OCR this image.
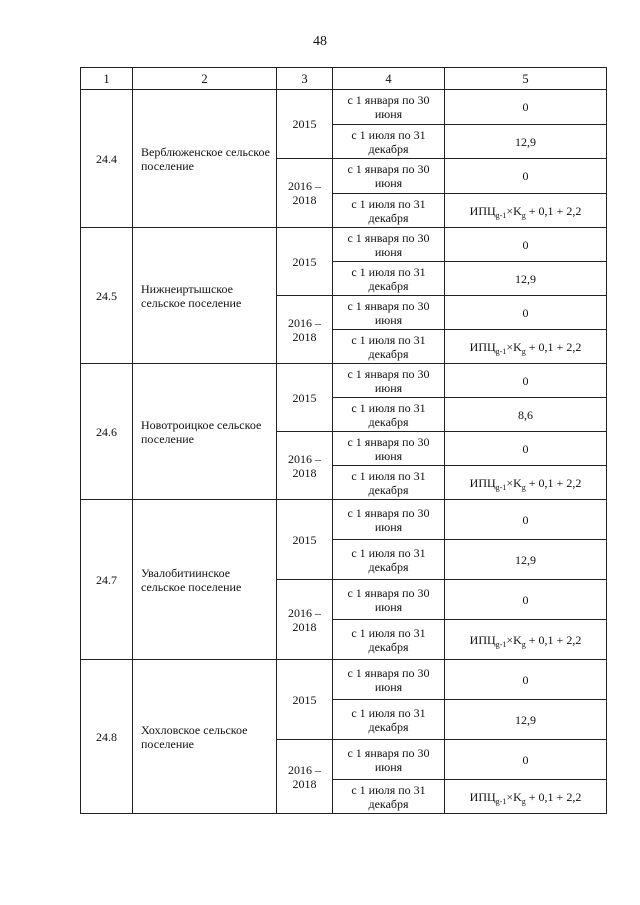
48
1	2	3	4	5
24.4	Верблюженское сельское поселение	2015	с 1 января по 30 июня	0
			с 1 июля по 31 декабря	12,9
		2016 – 2018	с 1 января по 30 июня	0
			с 1 июля по 31 декабря	$ИПЦ_{g-1}\times K_g + 0,1 + 2,2$
24.5	Нижнеиртышское сельское поселение	2015	с 1 января по 30 июня	0
			с 1 июля по 31 декабря	12,9
		2016 – 2018	с 1 января по 30 июня	0
			с 1 июля по 31 декабря	$ИПЦ_{g-1}\times K_g + 0,1 + 2,2$
24.6	Новотроицкое сельское поселение	2015	с 1 января по 30 июня	0
			с 1 июля по 31 декабря	8,6
		2016 – 2018	с 1 января по 30 июня	0
			с 1 июля по 31 декабря	$ИПЦ_{g-1}\times K_g + 0,1 + 2,2$
24.7	Увалобитиинское сельское поселение	2015	с 1 января по 30 июня	0
			с 1 июля по 31 декабря	12,9
		2016 – 2018	с 1 января по 30 июня	0
			с 1 июля по 31 декабря	$ИПЦ_{g-1}\times K_g + 0,1 + 2,2$
24.8	Хохловское сельское поселение	2015	с 1 января по 30 июня	0
			с 1 июля по 31 декабря	12,9
		2016 – 2018	с 1 января по 30 июня	0
			с 1 июля по 31 декабря	$ИПЦ_{g-1}\times K_g + 0,1 + 2,2$
